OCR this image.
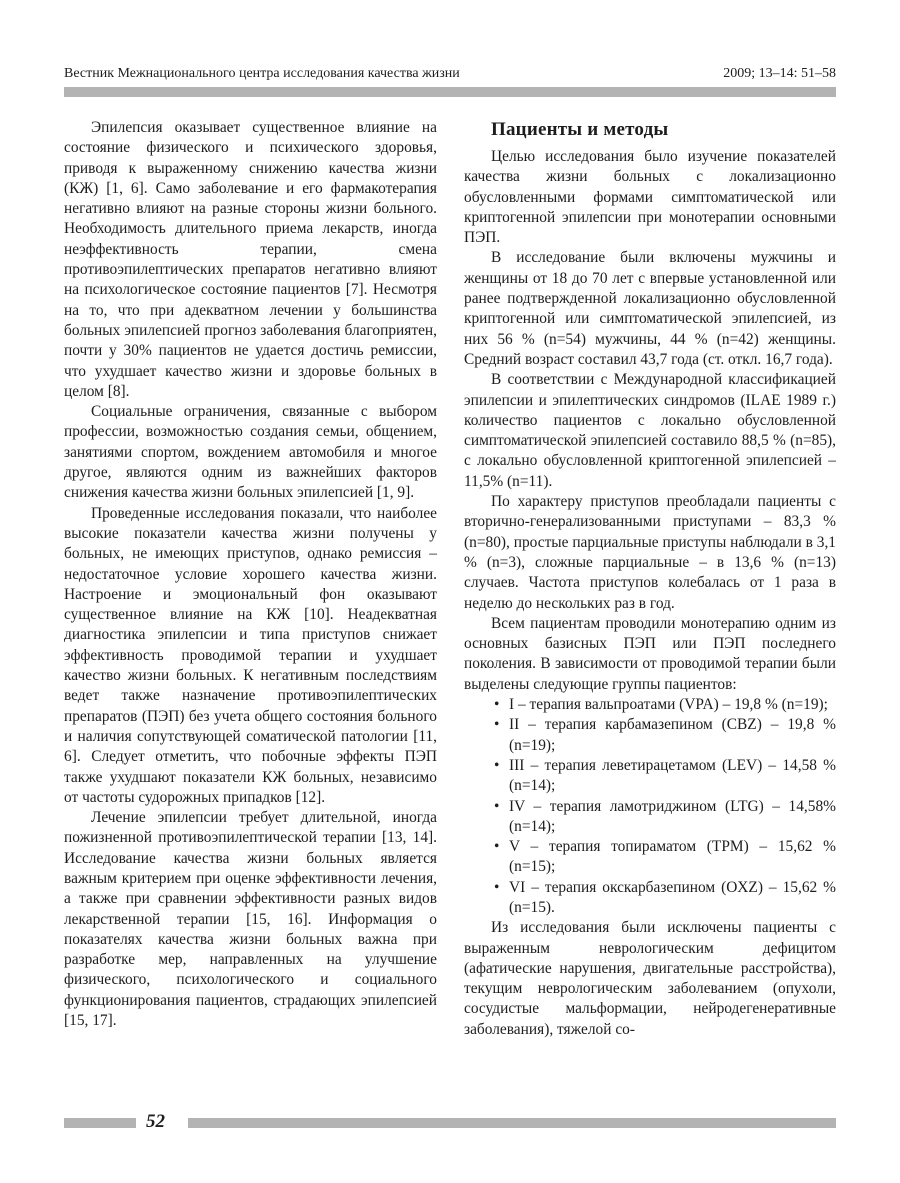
Вестник Межнационального центра исследования качества жизни	2009; 13–14: 51–58

Эпилепсия оказывает существенное влияние на состояние физического и психического здоровья, приводя к выраженному снижению качества жизни (КЖ) [1, 6]. Само заболевание и его фармакотерапия негативно влияют на разные стороны жизни больного. Необходимость длительного приема лекарств, иногда неэффективность терапии, смена противоэпилептических препаратов негативно влияют на психологическое состояние пациентов [7]. Несмотря на то, что при адекватном лечении у большинства больных эпилепсией прогноз заболевания благоприятен, почти у 30% пациентов не удается достичь ремиссии, что ухудшает качество жизни и здоровье больных в целом [8].

Социальные ограничения, связанные с выбором профессии, возможностью создания семьи, общением, занятиями спортом, вождением автомобиля и многое другое, являются одним из важнейших факторов снижения качества жизни больных эпилепсией [1, 9].

Проведенные исследования показали, что наиболее высокие показатели качества жизни получены у больных, не имеющих приступов, однако ремиссия – недостаточное условие хорошего качества жизни. Настроение и эмоциональный фон оказывают существенное влияние на КЖ [10]. Неадекватная диагностика эпилепсии и типа приступов снижает эффективность проводимой терапии и ухудшает качество жизни больных. К негативным последствиям ведет также назначение противоэпилептических препаратов (ПЭП) без учета общего состояния больного и наличия сопутствующей соматической патологии [11, 6]. Следует отметить, что побочные эффекты ПЭП также ухудшают показатели КЖ больных, независимо от частоты судорожных припадков [12].

Лечение эпилепсии требует длительной, иногда пожизненной противоэпилептической терапии [13, 14]. Исследование качества жизни больных является важным критерием при оценке эффективности лечения, а также при сравнении эффективности разных видов лекарственной терапии [15, 16]. Информация о показателях качества жизни больных важна при разработке мер, направленных на улучшение физического, психологического и социального функционирования пациентов, страдающих эпилепсией [15, 17].

Пациенты и методы

Целью исследования было изучение показателей качества жизни больных с локализационно обусловленными формами симптоматической или криптогенной эпилепсии при монотерапии основными ПЭП.

В исследование были включены мужчины и женщины от 18 до 70 лет с впервые установленной или ранее подтвержденной локализационно обусловленной криптогенной или симптоматической эпилепсией, из них 56 % (n=54) мужчины, 44 % (n=42) женщины. Средний возраст составил 43,7 года (ст. откл. 16,7 года).

В соответствии с Международной классификацией эпилепсии и эпилептических синдромов (ILAE 1989 г.) количество пациентов с локально обусловленной симптоматической эпилепсией составило 88,5 % (n=85), с локально обусловленной криптогенной эпилепсией – 11,5% (n=11).

По характеру приступов преобладали пациенты с вторично-генерализованными приступами – 83,3 % (n=80), простые парциальные приступы наблюдали в 3,1 % (n=3), сложные парциальные – в 13,6 % (n=13) случаев. Частота приступов колебалась от 1 раза в неделю до нескольких раз в год.

Всем пациентам проводили монотерапию одним из основных базисных ПЭП или ПЭП последнего поколения. В зависимости от проводимой терапии были выделены следующие группы пациентов:

• I – терапия вальпроатами (VPA) – 19,8 % (n=19);
• II – терапия карбамазепином (CBZ) – 19,8 % (n=19);
• III – терапия леветирацетамом (LEV) – 14,58 % (n=14);
• IV – терапия ламотриджином (LTG) – 14,58% (n=14);
• V – терапия топираматом (TPM) – 15,62 % (n=15);
• VI – терапия окскарбазепином (OXZ) – 15,62 % (n=15).

Из исследования были исключены пациенты с выраженным неврологическим дефицитом (афатические нарушения, двигательные расстройства), текущим неврологическим заболеванием (опухоли, сосудистые мальформации, нейродегенеративные заболевания), тяжелой со-

52
